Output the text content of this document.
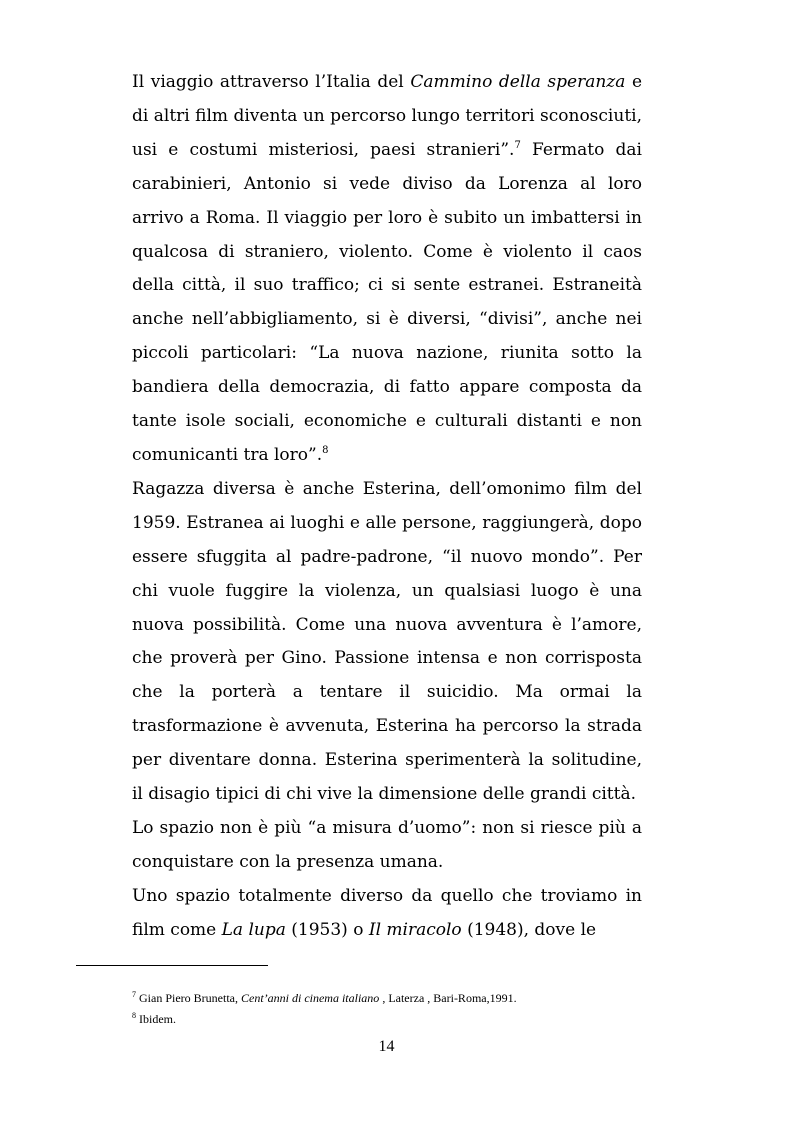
Il viaggio attraverso l’Italia del Cammino della speranza e di altri film diventa un percorso lungo territori sconosciuti, usi e costumi misteriosi, paesi stranieri”.$^7$ Fermato dai carabinieri, Antonio si vede diviso da Lorenza al loro arrivo a Roma. Il viaggio per loro è subito un imbattersi in qualcosa di straniero, violento. Come è violento il caos della città, il suo traffico; ci si sente estranei. Estraneità anche nell’abbigliamento, si è diversi, “divisi”, anche nei piccoli particolari: “La nuova nazione, riunita sotto la bandiera della democrazia, di fatto appare composta da tante isole sociali, economiche e culturali distanti e non comunicanti tra loro”.$^8$

Ragazza diversa è anche Esterina, dell’omonimo film del 1959. Estranea ai luoghi e alle persone, raggiungerà, dopo essere sfuggita al padre-padrone, “il nuovo mondo”. Per chi vuole fuggire la violenza, un qualsiasi luogo è una nuova possibilità. Come una nuova avventura è l’amore, che proverà per Gino. Passione intensa e non corrisposta che la porterà a tentare il suicidio. Ma ormai la trasformazione è avvenuta, Esterina ha percorso la strada per diventare donna. Esterina sperimenterà la solitudine, il disagio tipici di chi vive la dimensione delle grandi città.

Lo spazio non è più “a misura d’uomo”: non si riesce più a conquistare con la presenza umana.

Uno spazio totalmente diverso da quello che troviamo in film come La lupa (1953) o Il miracolo (1948), dove le

$^7$ Gian Piero Brunetta, Cent’anni di cinema italiano , Laterza , Bari-Roma,1991.

$^8$ Ibidem.

14
